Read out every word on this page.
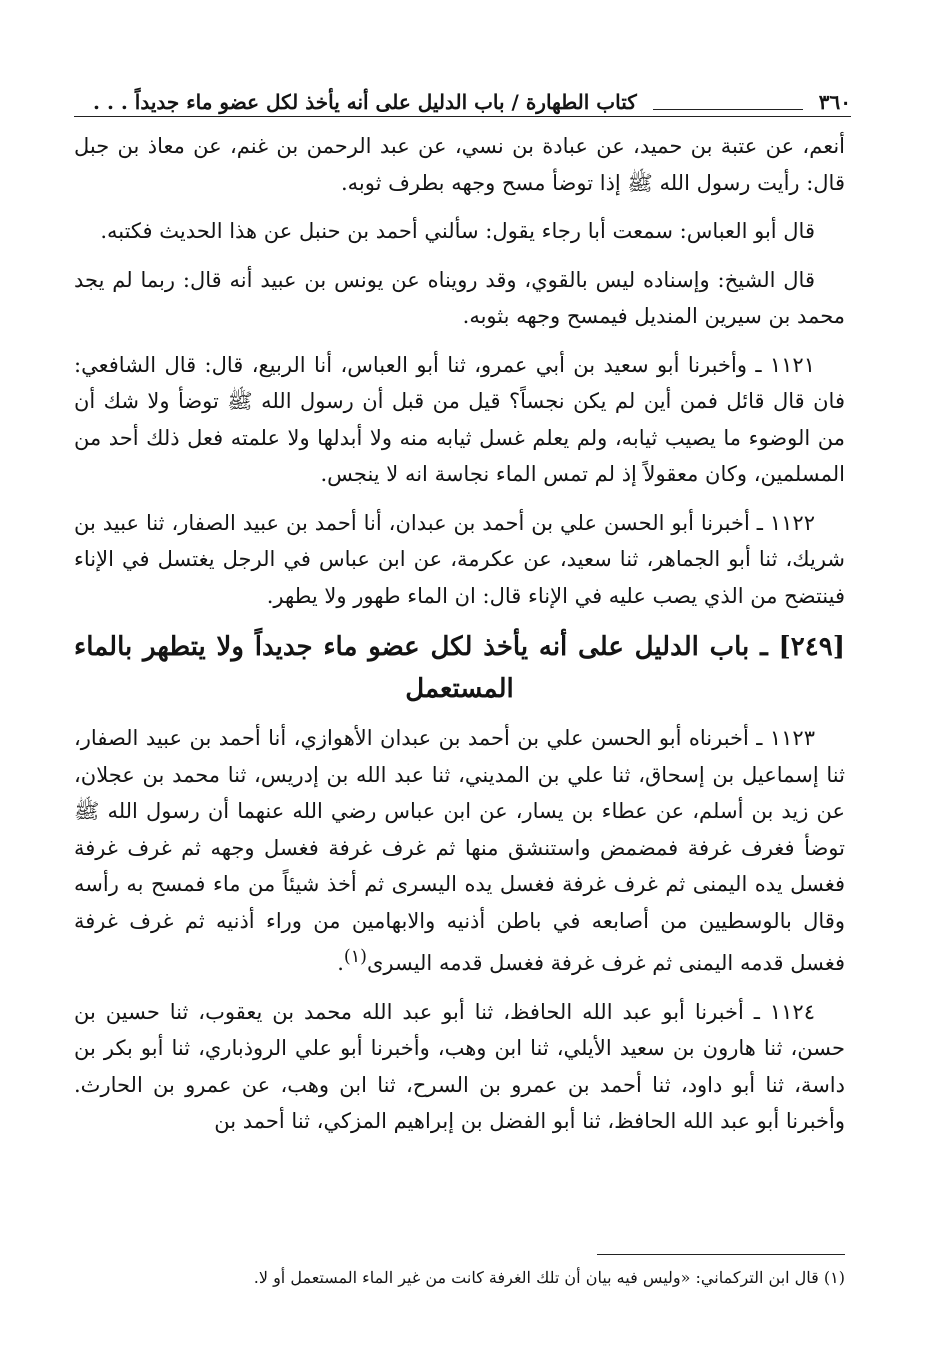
٣٦٠
كتاب الطهارة / باب الدليل على أنه يأخذ لكل عضو ماء جديداً . . .

أنعم، عن عتبة بن حميد، عن عبادة بن نسي، عن عبد الرحمن بن غنم، عن معاذ بن جبل قال: رأيت رسول الله ﷺ إذا توضأ مسح وجهه بطرف ثوبه.

قال أبو العباس: سمعت أبا رجاء يقول: سألني أحمد بن حنبل عن هذا الحديث فكتبه.

قال الشيخ: وإسناده ليس بالقوي، وقد رويناه عن يونس بن عبيد أنه قال: ربما لم يجد محمد بن سيرين المنديل فيمسح وجهه بثوبه.

١١٢١ ـ وأخبرنا أبو سعيد بن أبي عمرو، ثنا أبو العباس، أنا الربيع، قال: قال الشافعي: فان قال قائل فمن أين لم يكن نجساً؟ قيل من قبل أن رسول الله ﷺ توضأ ولا شك أن من الوضوء ما يصيب ثيابه، ولم يعلم غسل ثيابه منه ولا أبدلها ولا علمته فعل ذلك أحد من المسلمين، وكان معقولاً إذ لم تمس الماء نجاسة انه لا ينجس.

١١٢٢ ـ أخبرنا أبو الحسن علي بن أحمد بن عبدان، أنا أحمد بن عبيد الصفار، ثنا عبيد بن شريك، ثنا أبو الجماهر، ثنا سعيد، عن عكرمة، عن ابن عباس في الرجل يغتسل في الإناء فينتضح من الذي يصب عليه في الإناء قال: ان الماء طهور ولا يطهر.

[٢٤٩] ـ باب الدليل على أنه يأخذ لكل عضو ماء جديداً ولا يتطهر بالماء المستعمل

١١٢٣ ـ أخبرناه أبو الحسن علي بن أحمد بن عبدان الأهوازي، أنا أحمد بن عبيد الصفار، ثنا إسماعيل بن إسحاق، ثنا علي بن المديني، ثنا عبد الله بن إدريس، ثنا محمد بن عجلان، عن زيد بن أسلم، عن عطاء بن يسار، عن ابن عباس رضي الله عنهما أن رسول الله ﷺ توضأ فغرف غرفة فمضمض واستنشق منها ثم غرف غرفة فغسل وجهه ثم غرف غرفة فغسل يده اليمنى ثم غرف غرفة فغسل يده اليسرى ثم أخذ شيئاً من ماء فمسح به رأسه وقال بالوسطيين من أصابعه في باطن أذنيه والابهامين من وراء أذنيه ثم غرف غرفة فغسل قدمه اليمنى ثم غرف غرفة فغسل قدمه اليسرى$^{(١)}$.

١١٢٤ ـ أخبرنا أبو عبد الله الحافظ، ثنا أبو عبد الله محمد بن يعقوب، ثنا حسين بن حسن، ثنا هارون بن سعيد الأيلي، ثنا ابن وهب، وأخبرنا أبو علي الروذباري، ثنا أبو بكر بن داسة، ثنا أبو داود، ثنا أحمد بن عمرو بن السرح، ثنا ابن وهب، عن عمرو بن الحارث. وأخبرنا أبو عبد الله الحافظ، ثنا أبو الفضل بن إبراهيم المزكي، ثنا أحمد بن

(١) قال ابن التركماني: «وليس فيه بيان أن تلك الغرفة كانت من غير الماء المستعمل أو لا.
